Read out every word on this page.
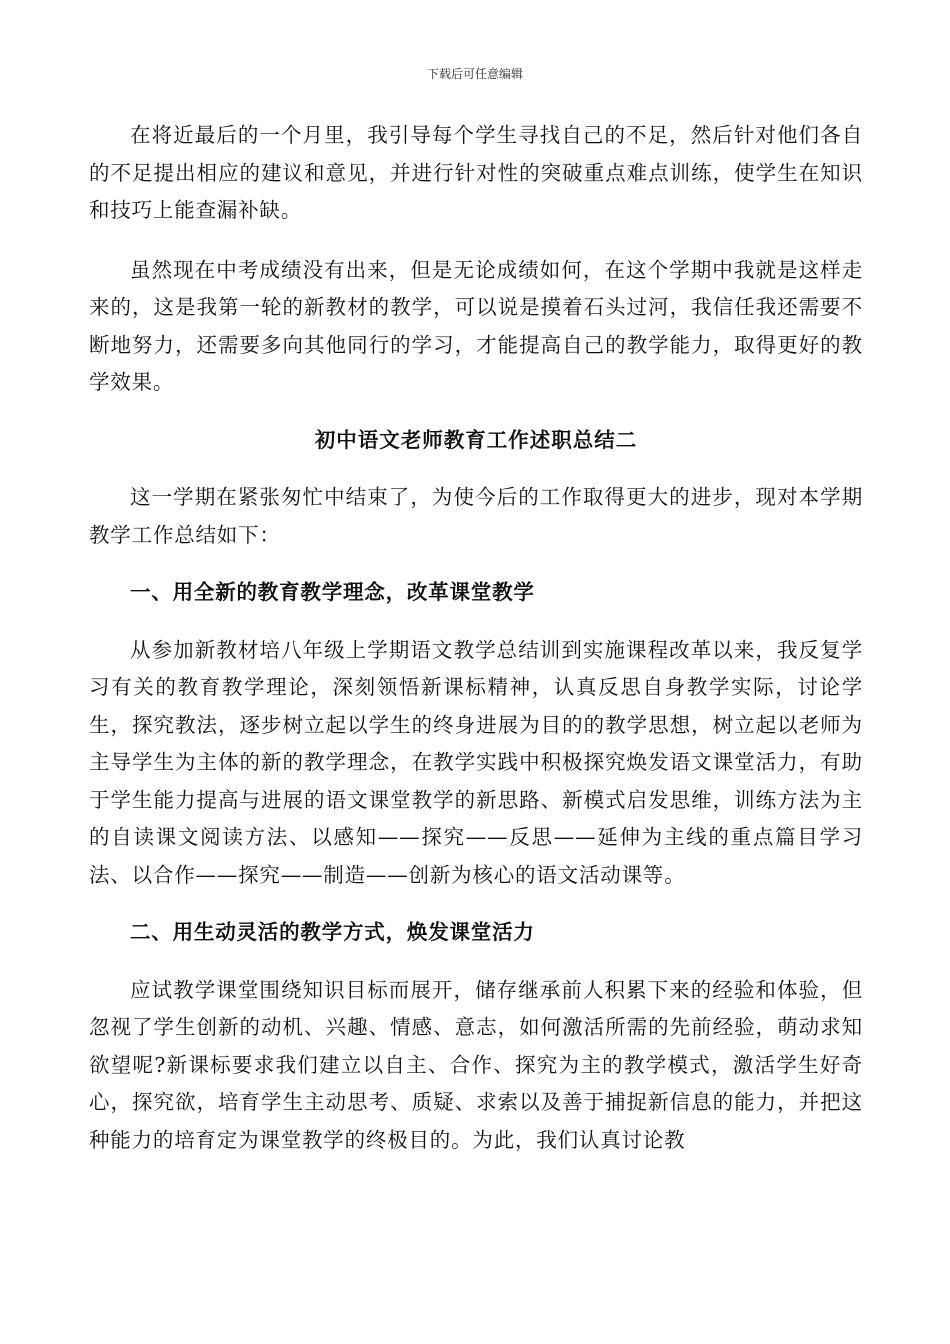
下载后可任意编辑

在将近最后的一个月里，我引导每个学生寻找自己的不足，然后针对他们各自的不足提出相应的建议和意见，并进行针对性的突破重点难点训练，使学生在知识和技巧上能查漏补缺。

虽然现在中考成绩没有出来，但是无论成绩如何，在这个学期中我就是这样走来的，这是我第一轮的新教材的教学，可以说是摸着石头过河，我信任我还需要不断地努力，还需要多向其他同行的学习，才能提高自己的教学能力，取得更好的教学效果。

初中语文老师教育工作述职总结二

这一学期在紧张匆忙中结束了，为使今后的工作取得更大的进步，现对本学期教学工作总结如下：

一、用全新的教育教学理念，改革课堂教学

从参加新教材培八年级上学期语文教学总结训到实施课程改革以来，我反复学习有关的教育教学理论，深刻领悟新课标精神，认真反思自身教学实际，讨论学生，探究教法，逐步树立起以学生的终身进展为目的的教学思想，树立起以老师为主导学生为主体的新的教学理念，在教学实践中积极探究焕发语文课堂活力，有助于学生能力提高与进展的语文课堂教学的新思路、新模式启发思维，训练方法为主的自读课文阅读方法、以感知——探究——反思——延伸为主线的重点篇目学习法、以合作——探究——制造——创新为核心的语文活动课等。

二、用生动灵活的教学方式，焕发课堂活力

应试教学课堂围绕知识目标而展开，储存继承前人积累下来的经验和体验，但忽视了学生创新的动机、兴趣、情感、意志，如何激活所需的先前经验，萌动求知欲望呢?新课标要求我们建立以自主、合作、探究为主的教学模式，激活学生好奇心，探究欲，培育学生主动思考、质疑、求索以及善于捕捉新信息的能力，并把这种能力的培育定为课堂教学的终极目的。为此，我们认真讨论教
